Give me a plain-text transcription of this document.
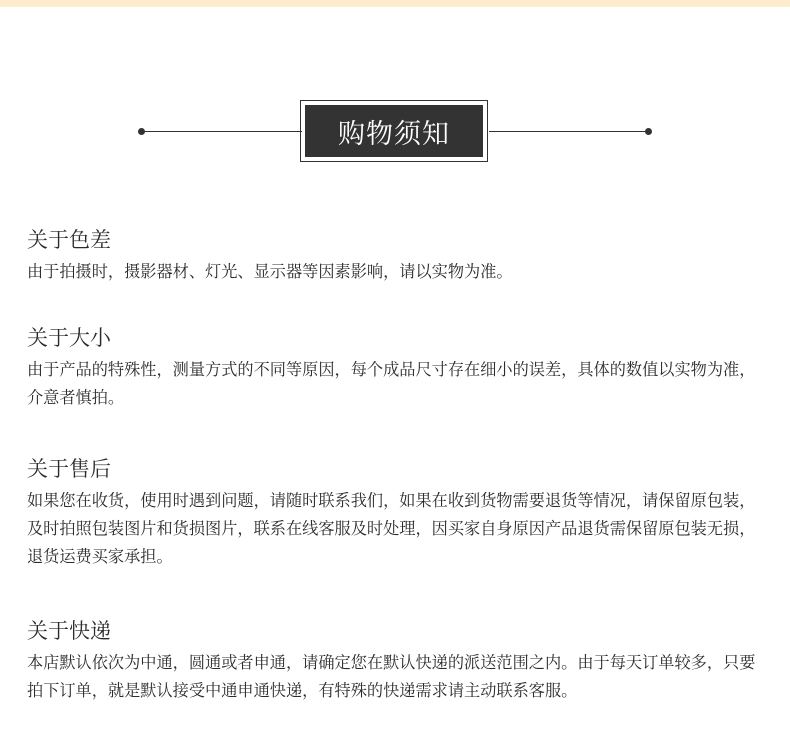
购物须知
关于色差

由于拍摄时，摄影器材、灯光、显示器等因素影响，请以实物为准。

关于大小

由于产品的特殊性，测量方式的不同等原因，每个成品尺寸存在细小的误差，具体的数值以实物为准，介意者慎拍。

关于售后

如果您在收货，使用时遇到问题，请随时联系我们，如果在收到货物需要退货等情况，请保留原包装，及时拍照包装图片和货损图片，联系在线客服及时处理，因买家自身原因产品退货需保留原包装无损，退货运费买家承担。

关于快递

本店默认依次为中通，圆通或者申通，请确定您在默认快递的派送范围之内。由于每天订单较多，只要拍下订单，就是默认接受中通申通快递，有特殊的快递需求请主动联系客服。
